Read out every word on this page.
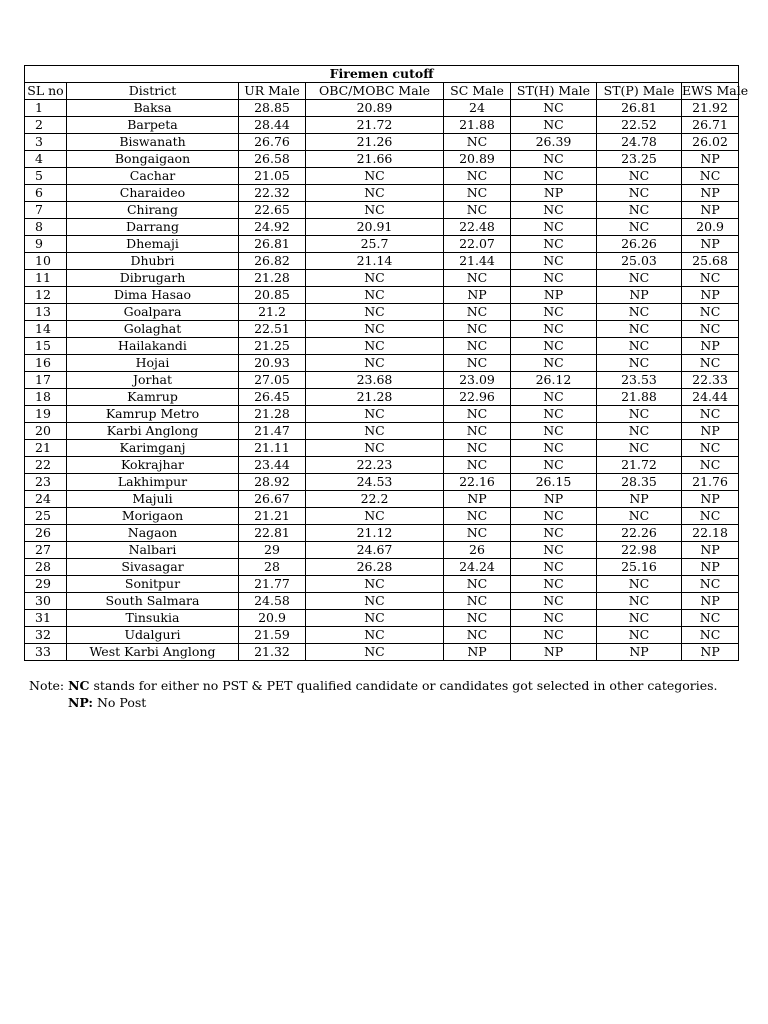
Firemen cutoff							
SL no	District	UR Male	OBC/MOBC Male	SC Male	ST(H) Male	ST(P) Male	EWS Male
1	Baksa	28.85	20.89	24	NC	26.81	21.92
2	Barpeta	28.44	21.72	21.88	NC	22.52	26.71
3	Biswanath	26.76	21.26	NC	26.39	24.78	26.02
4	Bongaigaon	26.58	21.66	20.89	NC	23.25	NP
5	Cachar	21.05	NC	NC	NC	NC	NC
6	Charaideo	22.32	NC	NC	NP	NC	NP
7	Chirang	22.65	NC	NC	NC	NC	NP
8	Darrang	24.92	20.91	22.48	NC	NC	20.9
9	Dhemaji	26.81	25.7	22.07	NC	26.26	NP
10	Dhubri	26.82	21.14	21.44	NC	25.03	25.68
11	Dibrugarh	21.28	NC	NC	NC	NC	NC
12	Dima Hasao	20.85	NC	NP	NP	NP	NP
13	Goalpara	21.2	NC	NC	NC	NC	NC
14	Golaghat	22.51	NC	NC	NC	NC	NC
15	Hailakandi	21.25	NC	NC	NC	NC	NP
16	Hojai	20.93	NC	NC	NC	NC	NC
17	Jorhat	27.05	23.68	23.09	26.12	23.53	22.33
18	Kamrup	26.45	21.28	22.96	NC	21.88	24.44
19	Kamrup Metro	21.28	NC	NC	NC	NC	NC
20	Karbi Anglong	21.47	NC	NC	NC	NC	NP
21	Karimganj	21.11	NC	NC	NC	NC	NC
22	Kokrajhar	23.44	22.23	NC	NC	21.72	NC
23	Lakhimpur	28.92	24.53	22.16	26.15	28.35	21.76
24	Majuli	26.67	22.2	NP	NP	NP	NP
25	Morigaon	21.21	NC	NC	NC	NC	NC
26	Nagaon	22.81	21.12	NC	NC	22.26	22.18
27	Nalbari	29	24.67	26	NC	22.98	NP
28	Sivasagar	28	26.28	24.24	NC	25.16	NP
29	Sonitpur	21.77	NC	NC	NC	NC	NC
30	South Salmara	24.58	NC	NC	NC	NC	NP
31	Tinsukia	20.9	NC	NC	NC	NC	NC
32	Udalguri	21.59	NC	NC	NC	NC	NC
33	West Karbi Anglong	21.32	NC	NP	NP	NP	NP
Note: NC stands for either no PST & PET qualified candidate or candidates got selected in other categories.
NP: No Post
